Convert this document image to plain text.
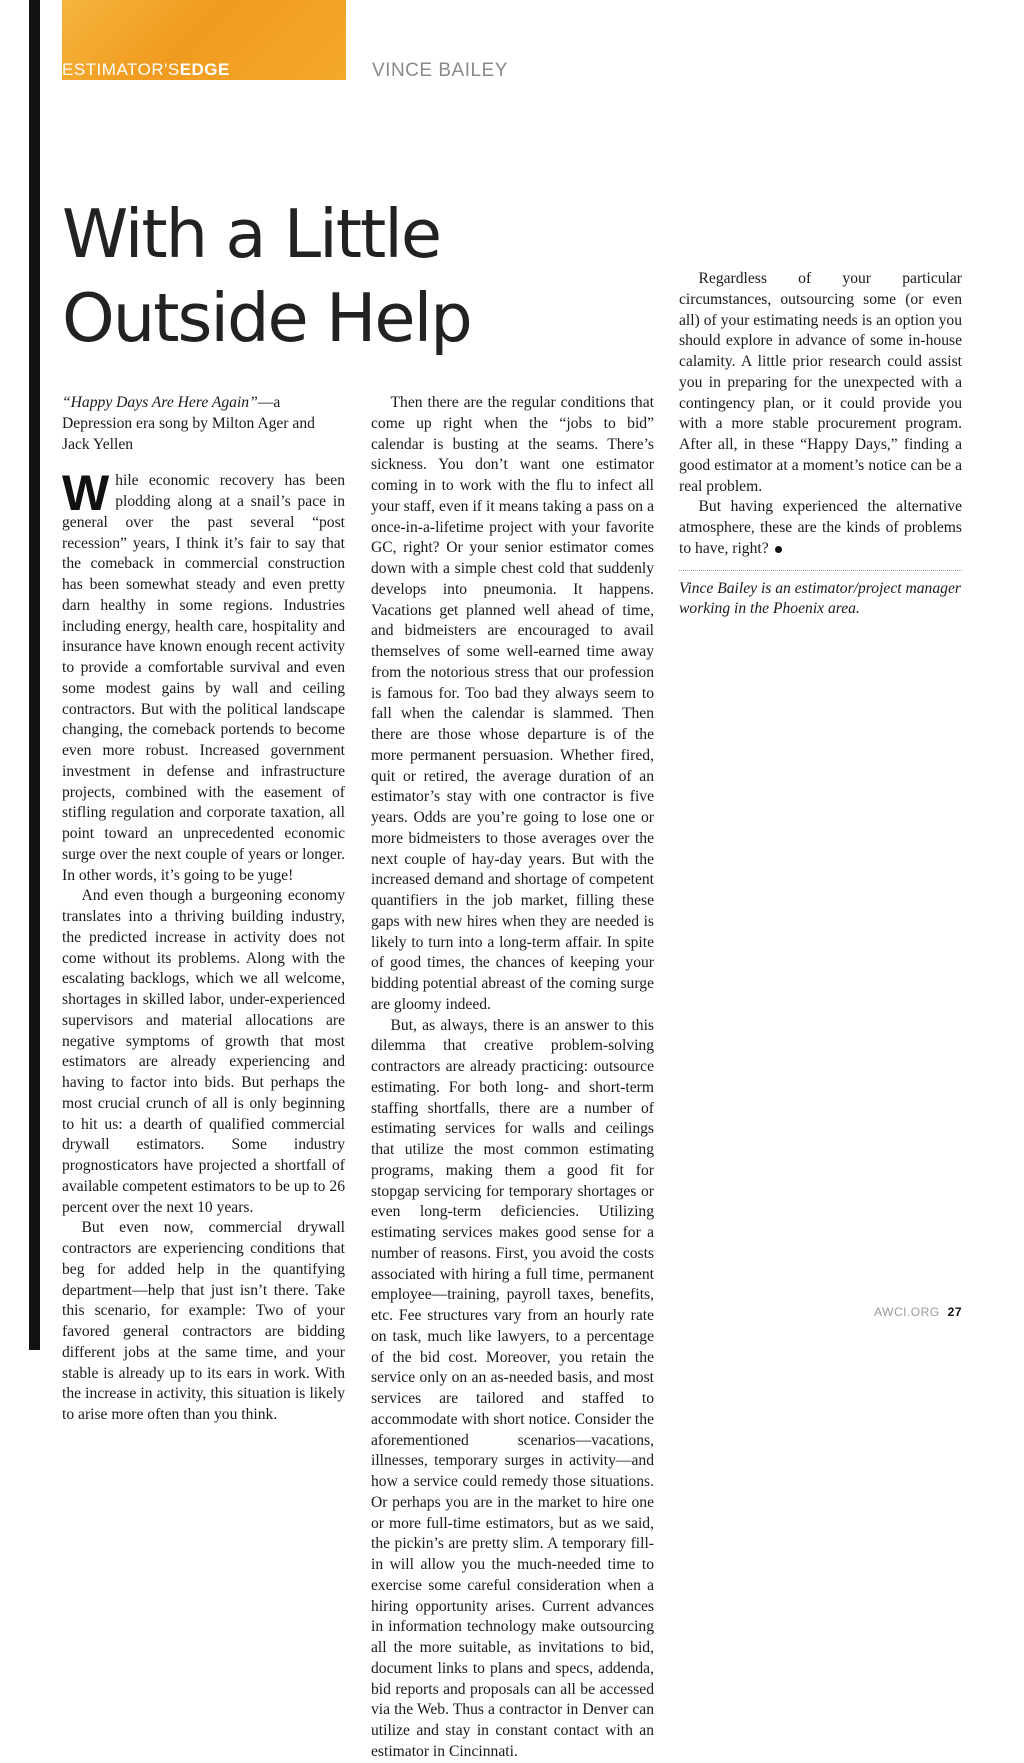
ESTIMATOR'SEDGE	VINCE BAILEY
With a Little
Outside Help

“Happy Days Are Here Again”—a Depression era song by Milton Ager and Jack Yellen

While economic recovery has been plodding along at a snail’s pace in general over the past several “post recession” years, I think it’s fair to say that the comeback in commercial construction has been somewhat steady and even pretty darn healthy in some regions. Industries including energy, health care, hospitality and insurance have known enough recent activity to provide a comfortable survival and even some modest gains by wall and ceiling contractors. But with the political landscape changing, the comeback portends to become even more robust. Increased government investment in defense and infrastructure projects, combined with the easement of stifling regulation and corporate taxation, all point toward an unprecedented economic surge over the next couple of years or longer. In other words, it’s going to be yuge!

And even though a burgeoning economy translates into a thriving building industry, the predicted increase in activity does not come without its problems. Along with the escalating backlogs, which we all welcome, shortages in skilled labor, under-experienced supervisors and material allocations are negative symptoms of growth that most estimators are already experiencing and having to factor into bids. But perhaps the most crucial crunch of all is only beginning to hit us: a dearth of qualified commercial drywall estimators. Some industry prognosticators have projected a shortfall of available competent estimators to be up to 26 percent over the next 10 years.

But even now, commercial drywall contractors are experiencing conditions that beg for added help in the quantifying department—help that just isn’t there. Take this scenario, for example: Two of your favored general contractors are bidding different jobs at the same time, and your stable is already up to its ears in work. With the increase in activity, this situation is likely to arise more often than you think.

Then there are the regular conditions that come up right when the “jobs to bid” calendar is busting at the seams. There’s sickness. You don’t want one estimator coming in to work with the flu to infect all your staff, even if it means taking a pass on a once-in-a-lifetime project with your favorite GC, right? Or your senior estimator comes down with a simple chest cold that suddenly develops into pneumonia. It happens. Vacations get planned well ahead of time, and bidmeisters are encouraged to avail themselves of some well-earned time away from the notorious stress that our profession is famous for. Too bad they always seem to fall when the calendar is slammed. Then there are those whose departure is of the more permanent persuasion. Whether fired, quit or retired, the average duration of an estimator’s stay with one contractor is five years. Odds are you’re going to lose one or more bidmeisters to those averages over the next couple of hay-day years. But with the increased demand and shortage of competent quantifiers in the job market, filling these gaps with new hires when they are needed is likely to turn into a long-term affair. In spite of good times, the chances of keeping your bidding potential abreast of the coming surge are gloomy indeed.

But, as always, there is an answer to this dilemma that creative problem-solving contractors are already practicing: outsource estimating. For both long- and short-term staffing shortfalls, there are a number of estimating services for walls and ceilings that utilize the most common estimating programs, making them a good fit for stopgap servicing for temporary shortages or even long-term deficiencies. Utilizing estimating services makes good sense for a number of reasons. First, you avoid the costs associated with hiring a full time, permanent employee—training, payroll taxes, benefits, etc. Fee structures vary from an hourly rate on task, much like lawyers, to a percentage of the bid cost. Moreover, you retain the service only on an as-needed basis, and most services are tailored and staffed to accommodate with short notice. Consider the aforementioned scenarios—vacations, illnesses, temporary surges in activity—and how a service could remedy those situations. Or perhaps you are in the market to hire one or more full-time estimators, but as we said, the pickin’s are pretty slim. A temporary fill-in will allow you the much-needed time to exercise some careful consideration when a hiring opportunity arises. Current advances in information technology make outsourcing all the more suitable, as invitations to bid, document links to plans and specs, addenda, bid reports and proposals can all be accessed via the Web. Thus a contractor in Denver can utilize and stay in constant contact with an estimator in Cincinnati.

Regardless of your particular circumstances, outsourcing some (or even all) of your estimating needs is an option you should explore in advance of some in-house calamity. A little prior research could assist you in preparing for the unexpected with a contingency plan, or it could provide you with a more stable procurement program. After all, in these “Happy Days,” finding a good estimator at a moment’s notice can be a real problem.

But having experienced the alternative atmosphere, these are the kinds of problems to have, right?

Vince Bailey is an estimator/project manager working in the Phoenix area.

AWCI.ORG 27
